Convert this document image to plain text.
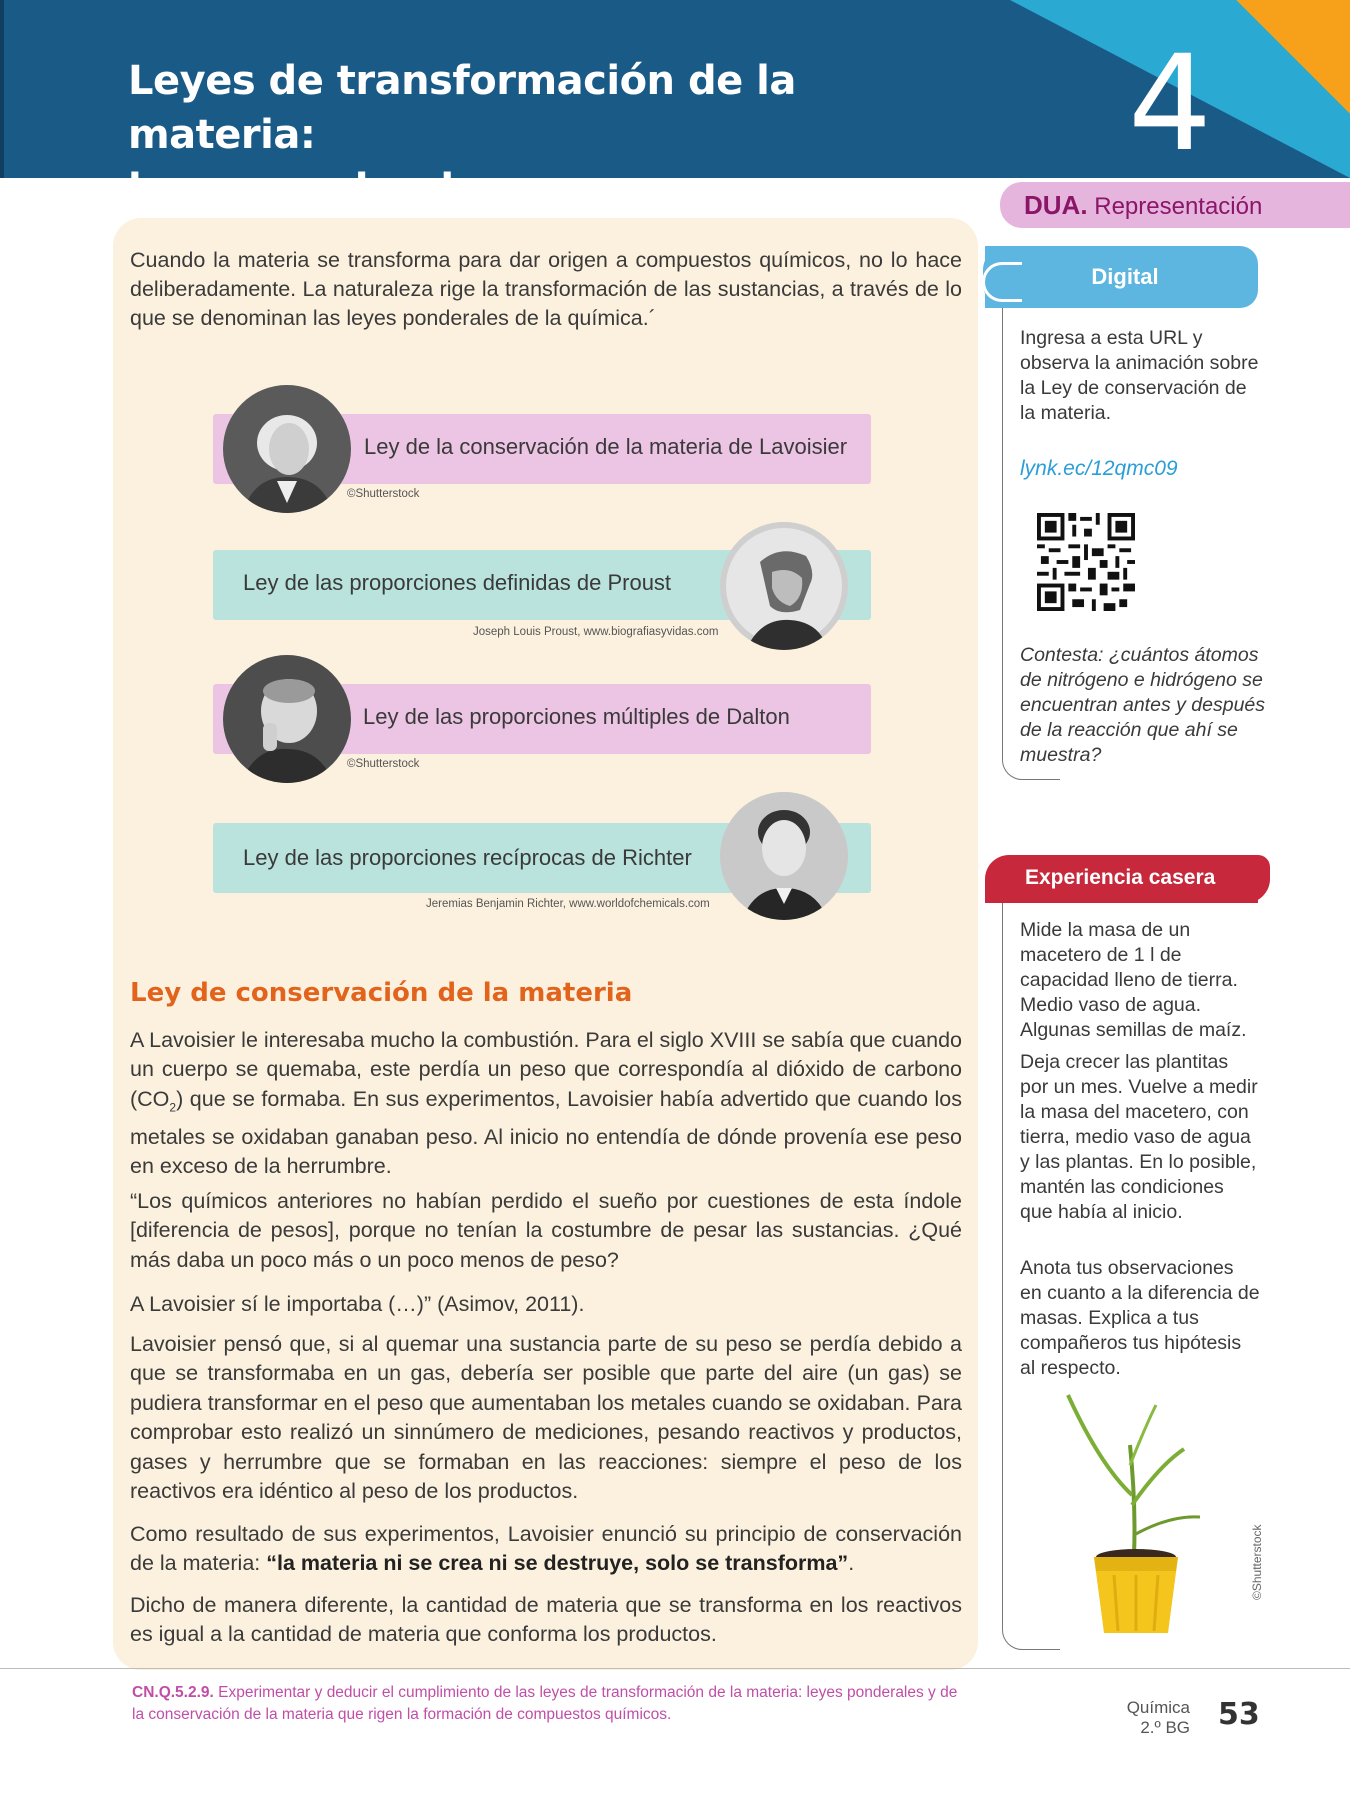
Leyes de transformación de la materia:
leyes ponderales
4
DUA. Representación

Cuando la materia se transforma para dar origen a compuestos químicos, no lo hace deliberadamente. La naturaleza rige la transformación de las sustancias, a través de lo que se denominan las leyes ponderales de la química.´

Ley de la conservación de la materia de Lavoisier
©Shutterstock
Ley de las proporciones definidas de Proust
Joseph Louis Proust, www.biografiasyvidas.com
Ley de las proporciones múltiples de Dalton
©Shutterstock
Ley de las proporciones recíprocas de Richter
Jeremias Benjamin Richter, www.worldofchemicals.com
Ley de conservación de la materia

A Lavoisier le interesaba mucho la combustión. Para el siglo XVIII se sabía que cuando un cuerpo se quemaba, este perdía un peso que correspondía al dióxido de carbono $(CO_2)$ que se formaba. En sus experimentos, Lavoisier había advertido que cuando los metales se oxidaban ganaban peso. Al inicio no entendía de dónde provenía ese peso en exceso de la herrumbre.

“Los químicos anteriores no habían perdido el sueño por cuestiones de esta índole [diferencia de pesos], porque no tenían la costumbre de pesar las sustancias. ¿Qué más daba un poco más o un poco menos de peso?

A Lavoisier sí le importaba (…)” (Asimov, 2011).

Lavoisier pensó que, si al quemar una sustancia parte de su peso se perdía debido a que se transformaba en un gas, debería ser posible que parte del aire (un gas) se pudiera transformar en el peso que aumentaban los metales cuando se oxidaban. Para comprobar esto realizó un sinnúmero de mediciones, pesando reactivos y productos, gases y herrumbre que se formaban en las reacciones: siempre el peso de los reactivos era idéntico al peso de los productos.

Como resultado de sus experimentos, Lavoisier enunció su principio de conservación de la materia: “la materia ni se crea ni se destruye, solo se transforma”.

Dicho de manera diferente, la cantidad de materia que se transforma en los reactivos es igual a la cantidad de materia que conforma los productos.

Digital

Ingresa a esta URL y observa la animación sobre la Ley de conservación de la materia.

lynk.ec/12qmc09

Contesta: ¿cuántos átomos de nitrógeno e hidrógeno se encuentran antes y después de la reacción que ahí se muestra?

Experiencia casera

Mide la masa de un macetero de 1 l de capacidad lleno de tierra. Medio vaso de agua. Algunas semillas de maíz.

Deja crecer las plantitas por un mes. Vuelve a medir la masa del macetero, con tierra, medio vaso de agua y las plantas. En lo posible, mantén las condiciones que había al inicio.

Anota tus observaciones en cuanto a la diferencia de masas. Explica a tus compañeros tus hipótesis al respecto.

©Shutterstock

CN.Q.5.2.9. Experimentar y deducir el cumplimiento de las leyes de transformación de la materia: leyes ponderales y de la conservación de la materia que rigen la formación de compuestos químicos.	Química
2.º BG 53
